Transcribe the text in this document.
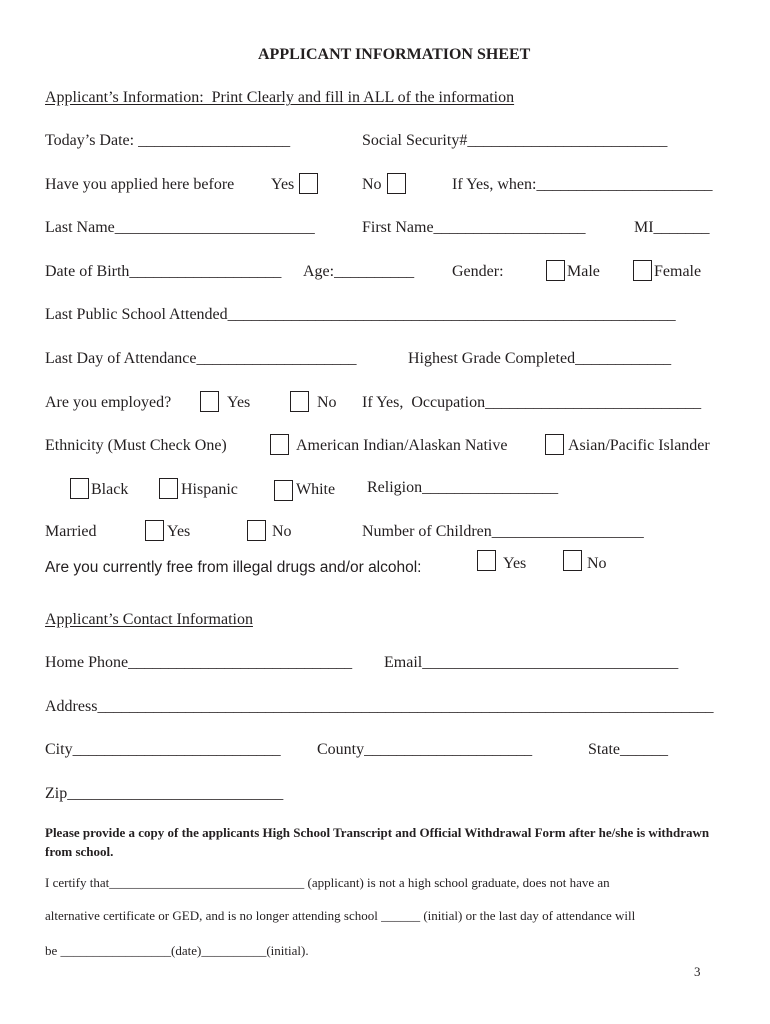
APPLICANT INFORMATION SHEET
Applicant’s Information:  Print Clearly and fill in ALL of the information
Today’s Date: ___________________	Social Security#_________________________
Have you applied here before Yes	No	If Yes, when:______________________
Last Name_________________________	First Name___________________	MI_______
Date of Birth___________________ Age:__________ Gender:	Male	Female
Last Public School Attended________________________________________________________
Last Day of Attendance____________________	Highest Grade Completed____________
Are you employed?	Yes	No If Yes,  Occupation___________________________
Ethnicity (Must Check One)	American Indian/Alaskan Native	Asian/Pacific Islander
Black	Hispanic	White Religion_________________
Married	Yes	No	Number of Children___________________
Are you currently free from illegal drugs and/or alcohol:	Yes	No
Applicant’s Contact Information
Home Phone____________________________ Email________________________________
Address_____________________________________________________________________________
City__________________________ County_____________________	State______
Zip___________________________
Please provide a copy of the applicants High School Transcript and Official Withdrawal Form after he/she is withdrawn from school.
I certify that______________________________ (applicant) is not a high school graduate, does not have an
alternative certificate or GED, and is no longer attending school ______ (initial) or the last day of attendance will
be _________________(date)__________(initial).
3
